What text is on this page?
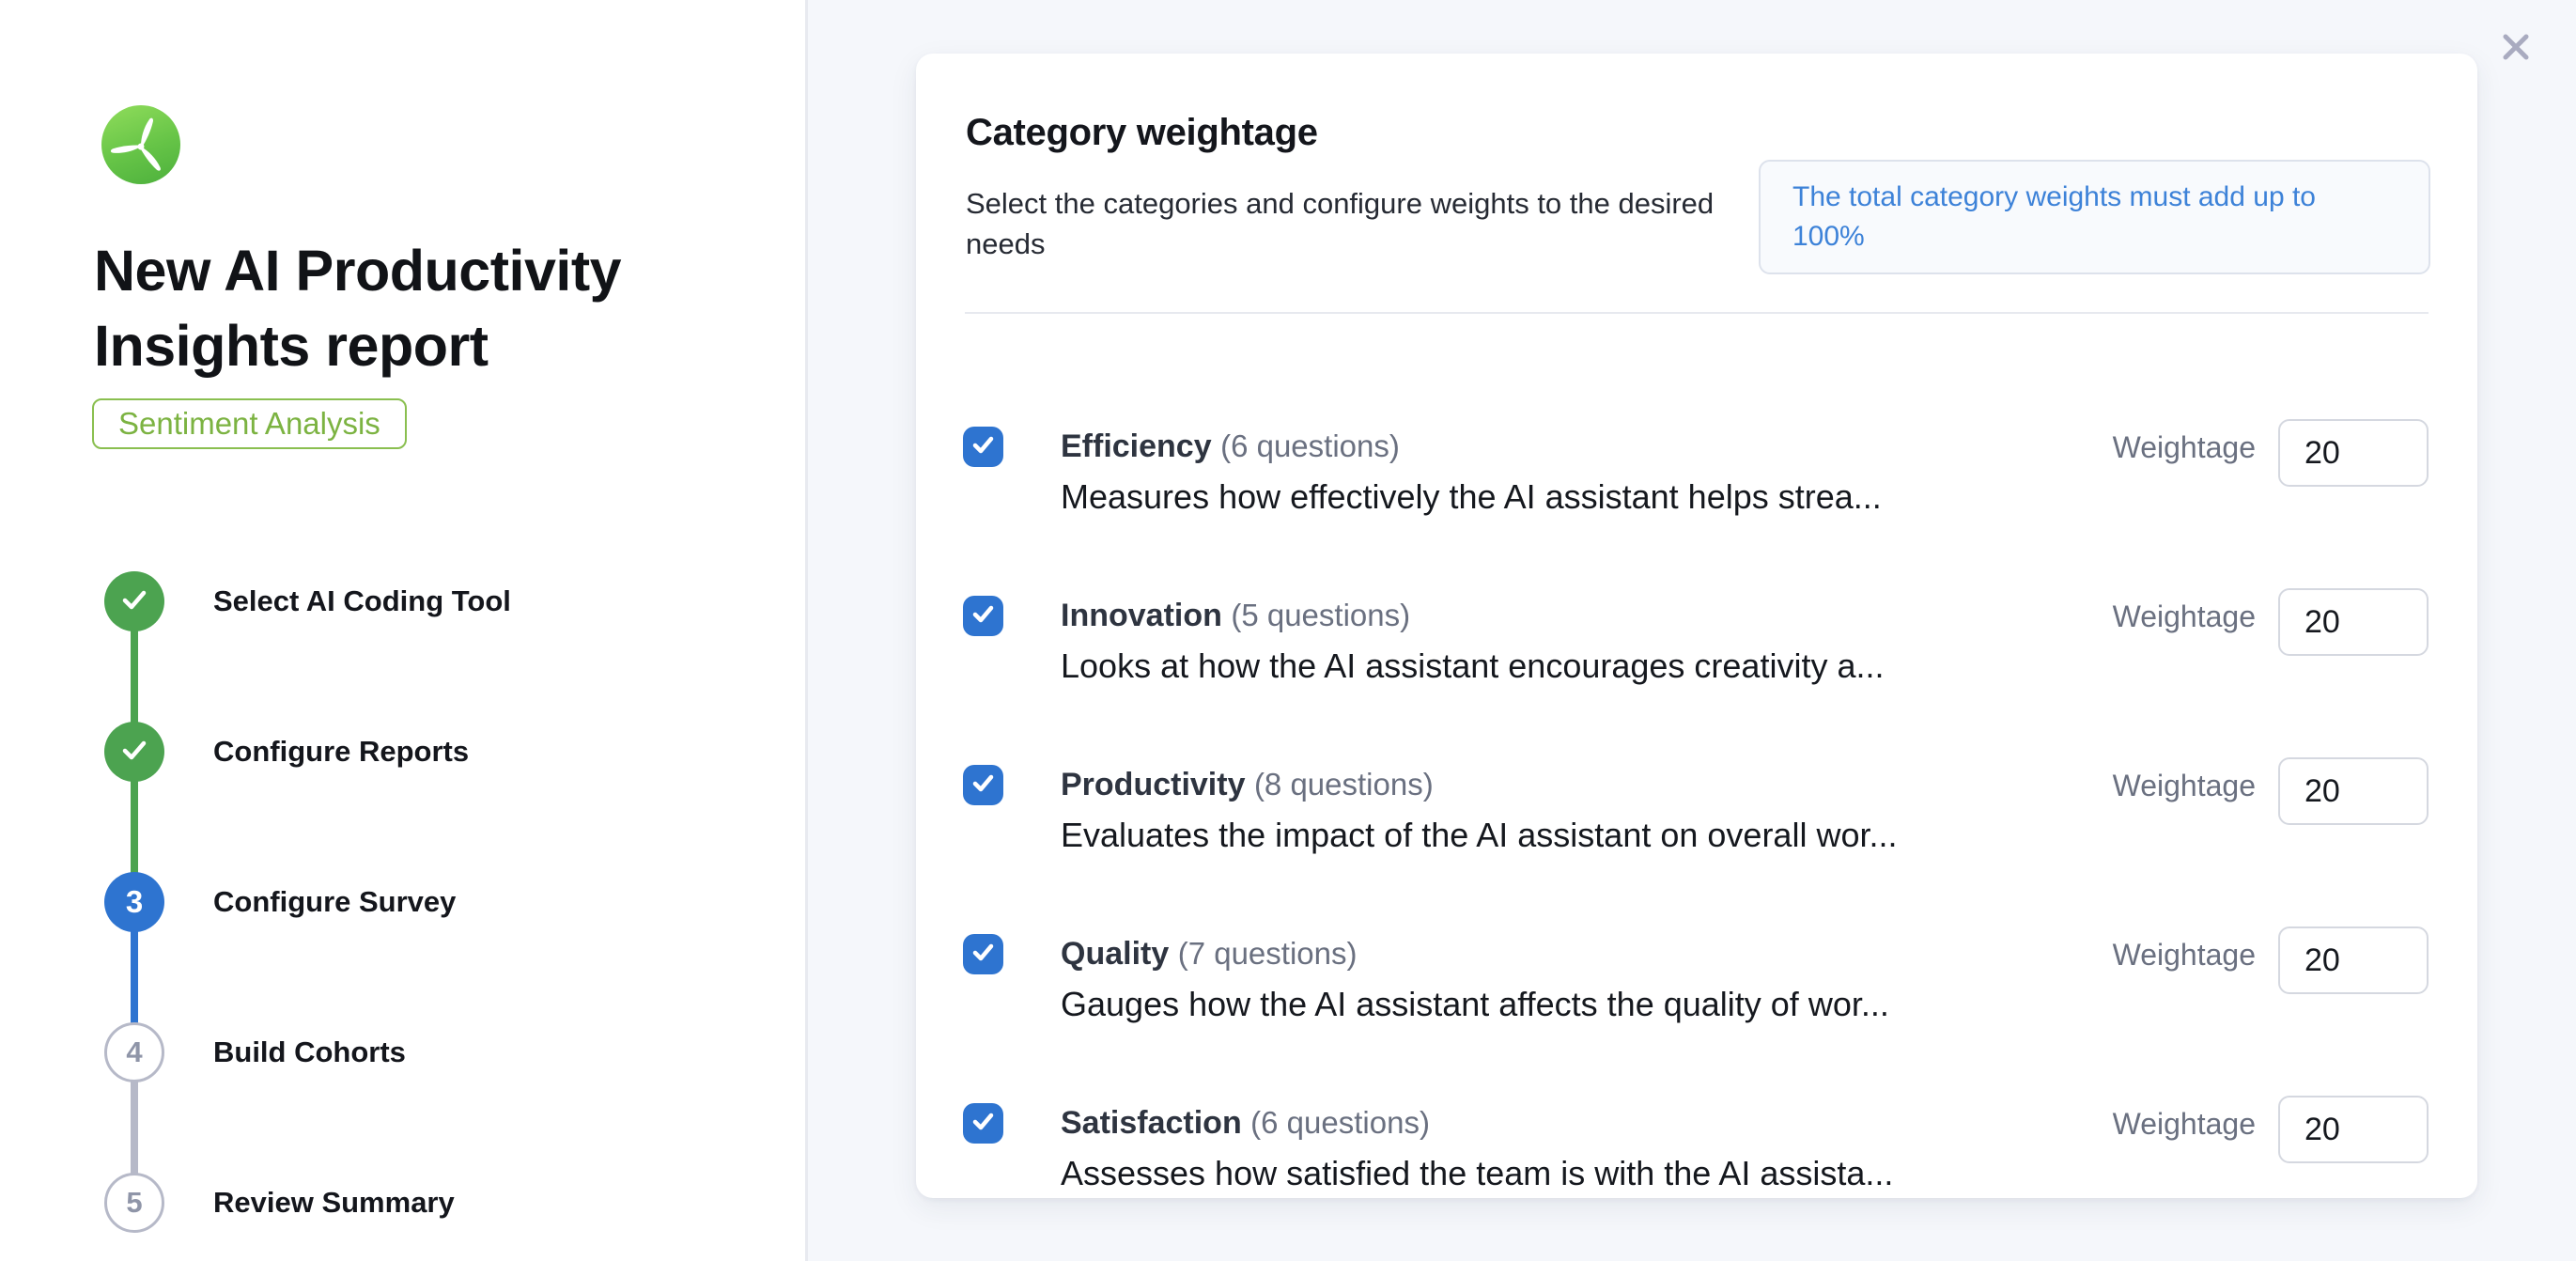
New AI Productivity Insights report
Sentiment Analysis
Select AI Coding Tool
Configure Reports
3 Configure Survey
4 Build Cohorts
5 Review Summary
Category weightage

Select the categories and configure weights to the desired needs

The total category weights must add up to 100%
Efficiency (6 questions)
Measures how effectively the AI assistant helps strea...
Weightage
20
Innovation (5 questions)
Looks at how the AI assistant encourages creativity a...
Weightage
20
Productivity (8 questions)
Evaluates the impact of the AI assistant on overall wor...
Weightage
20
Quality (7 questions)
Gauges how the AI assistant affects the quality of wor...
Weightage
20
Satisfaction (6 questions)
Assesses how satisfied the team is with the AI assista...
Weightage
20
